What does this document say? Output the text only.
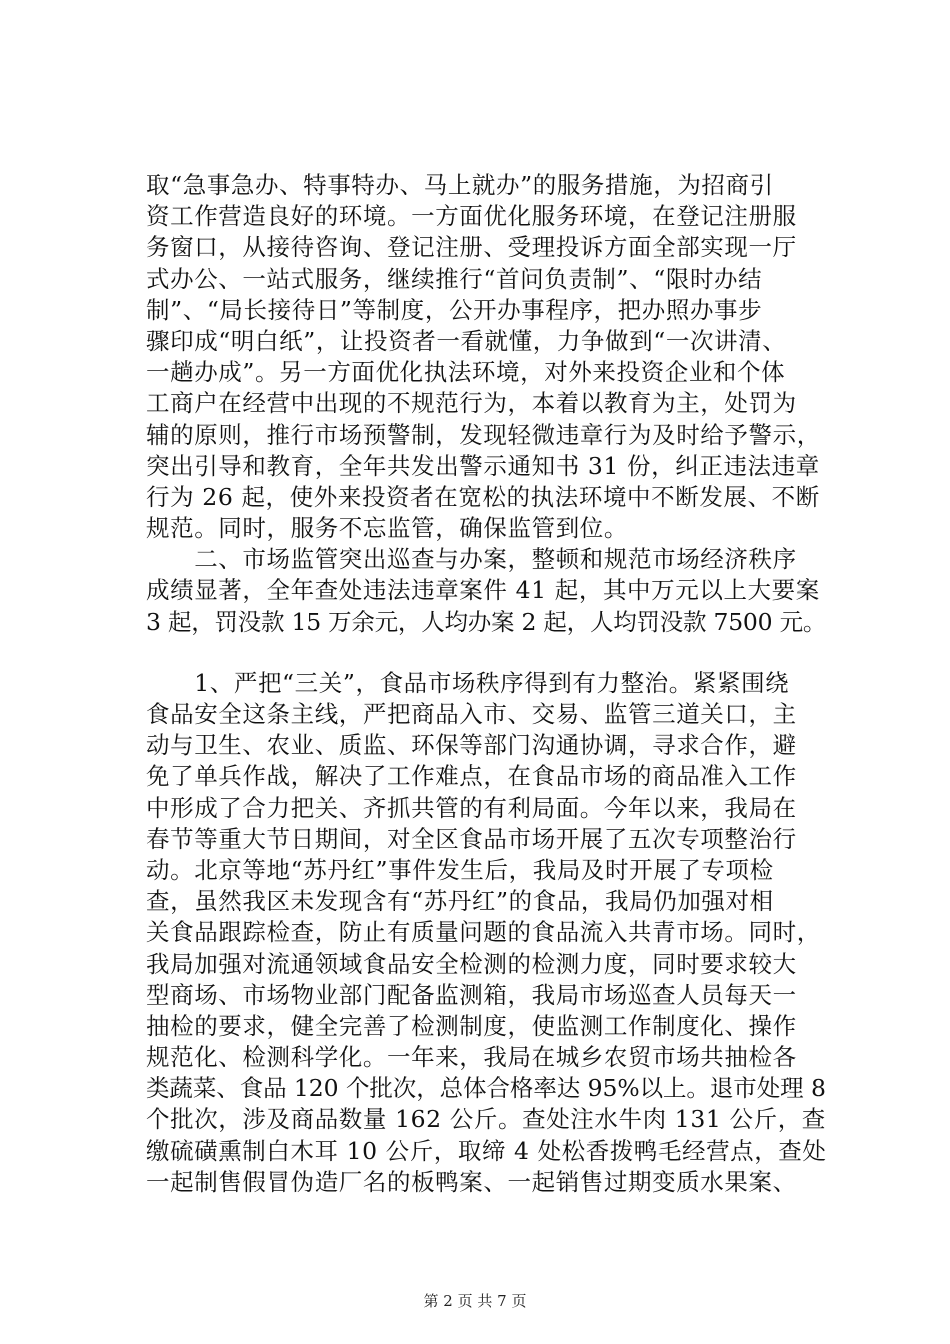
取“急事急办、特事特办、马上就办”的服务措施，为招商引
资工作营造良好的环境。一方面优化服务环境，在登记注册服
务窗口，从接待咨询、登记注册、受理投诉方面全部实现一厅
式办公、一站式服务，继续推行“首问负责制”、“限时办结
制”、“局长接待日”等制度，公开办事程序，把办照办事步
骤印成“明白纸”，让投资者一看就懂，力争做到“一次讲清、
一趟办成”。另一方面优化执法环境，对外来投资企业和个体
工商户在经营中出现的不规范行为，本着以教育为主，处罚为
辅的原则，推行市场预警制，发现轻微违章行为及时给予警示，
突出引导和教育，全年共发出警示通知书 31 份，纠正违法违章
行为 26 起，使外来投资者在宽松的执法环境中不断发展、不断
规范。同时，服务不忘监管，确保监管到位。
　　二、市场监管突出巡查与办案，整顿和规范市场经济秩序
成绩显著，全年查处违法违章案件 41 起，其中万元以上大要案
3 起，罚没款 15 万余元，人均办案 2 起，人均罚没款 7500 元。
　　1、严把“三关”，食品市场秩序得到有力整治。紧紧围绕
食品安全这条主线，严把商品入市、交易、监管三道关口，主
动与卫生、农业、质监、环保等部门沟通协调，寻求合作，避
免了单兵作战，解决了工作难点，在食品市场的商品准入工作
中形成了合力把关、齐抓共管的有利局面。今年以来，我局在
春节等重大节日期间，对全区食品市场开展了五次专项整治行
动。北京等地“苏丹红”事件发生后，我局及时开展了专项检
查，虽然我区未发现含有“苏丹红”的食品，我局仍加强对相
关食品跟踪检查，防止有质量问题的食品流入共青市场。同时，
我局加强对流通领域食品安全检测的检测力度，同时要求较大
型商场、市场物业部门配备监测箱，我局市场巡查人员每天一
抽检的要求，健全完善了检测制度，使监测工作制度化、操作
规范化、检测科学化。一年来，我局在城乡农贸市场共抽检各
类蔬菜、食品 120 个批次，总体合格率达 95%以上。退市处理 8
个批次，涉及商品数量 162 公斤。查处注水牛肉 131 公斤，查
缴硫磺熏制白木耳 10 公斤，取缔 4 处松香拨鸭毛经营点，查处
一起制售假冒伪造厂名的板鸭案、一起销售过期变质水果案、
第 2 页 共 7 页
